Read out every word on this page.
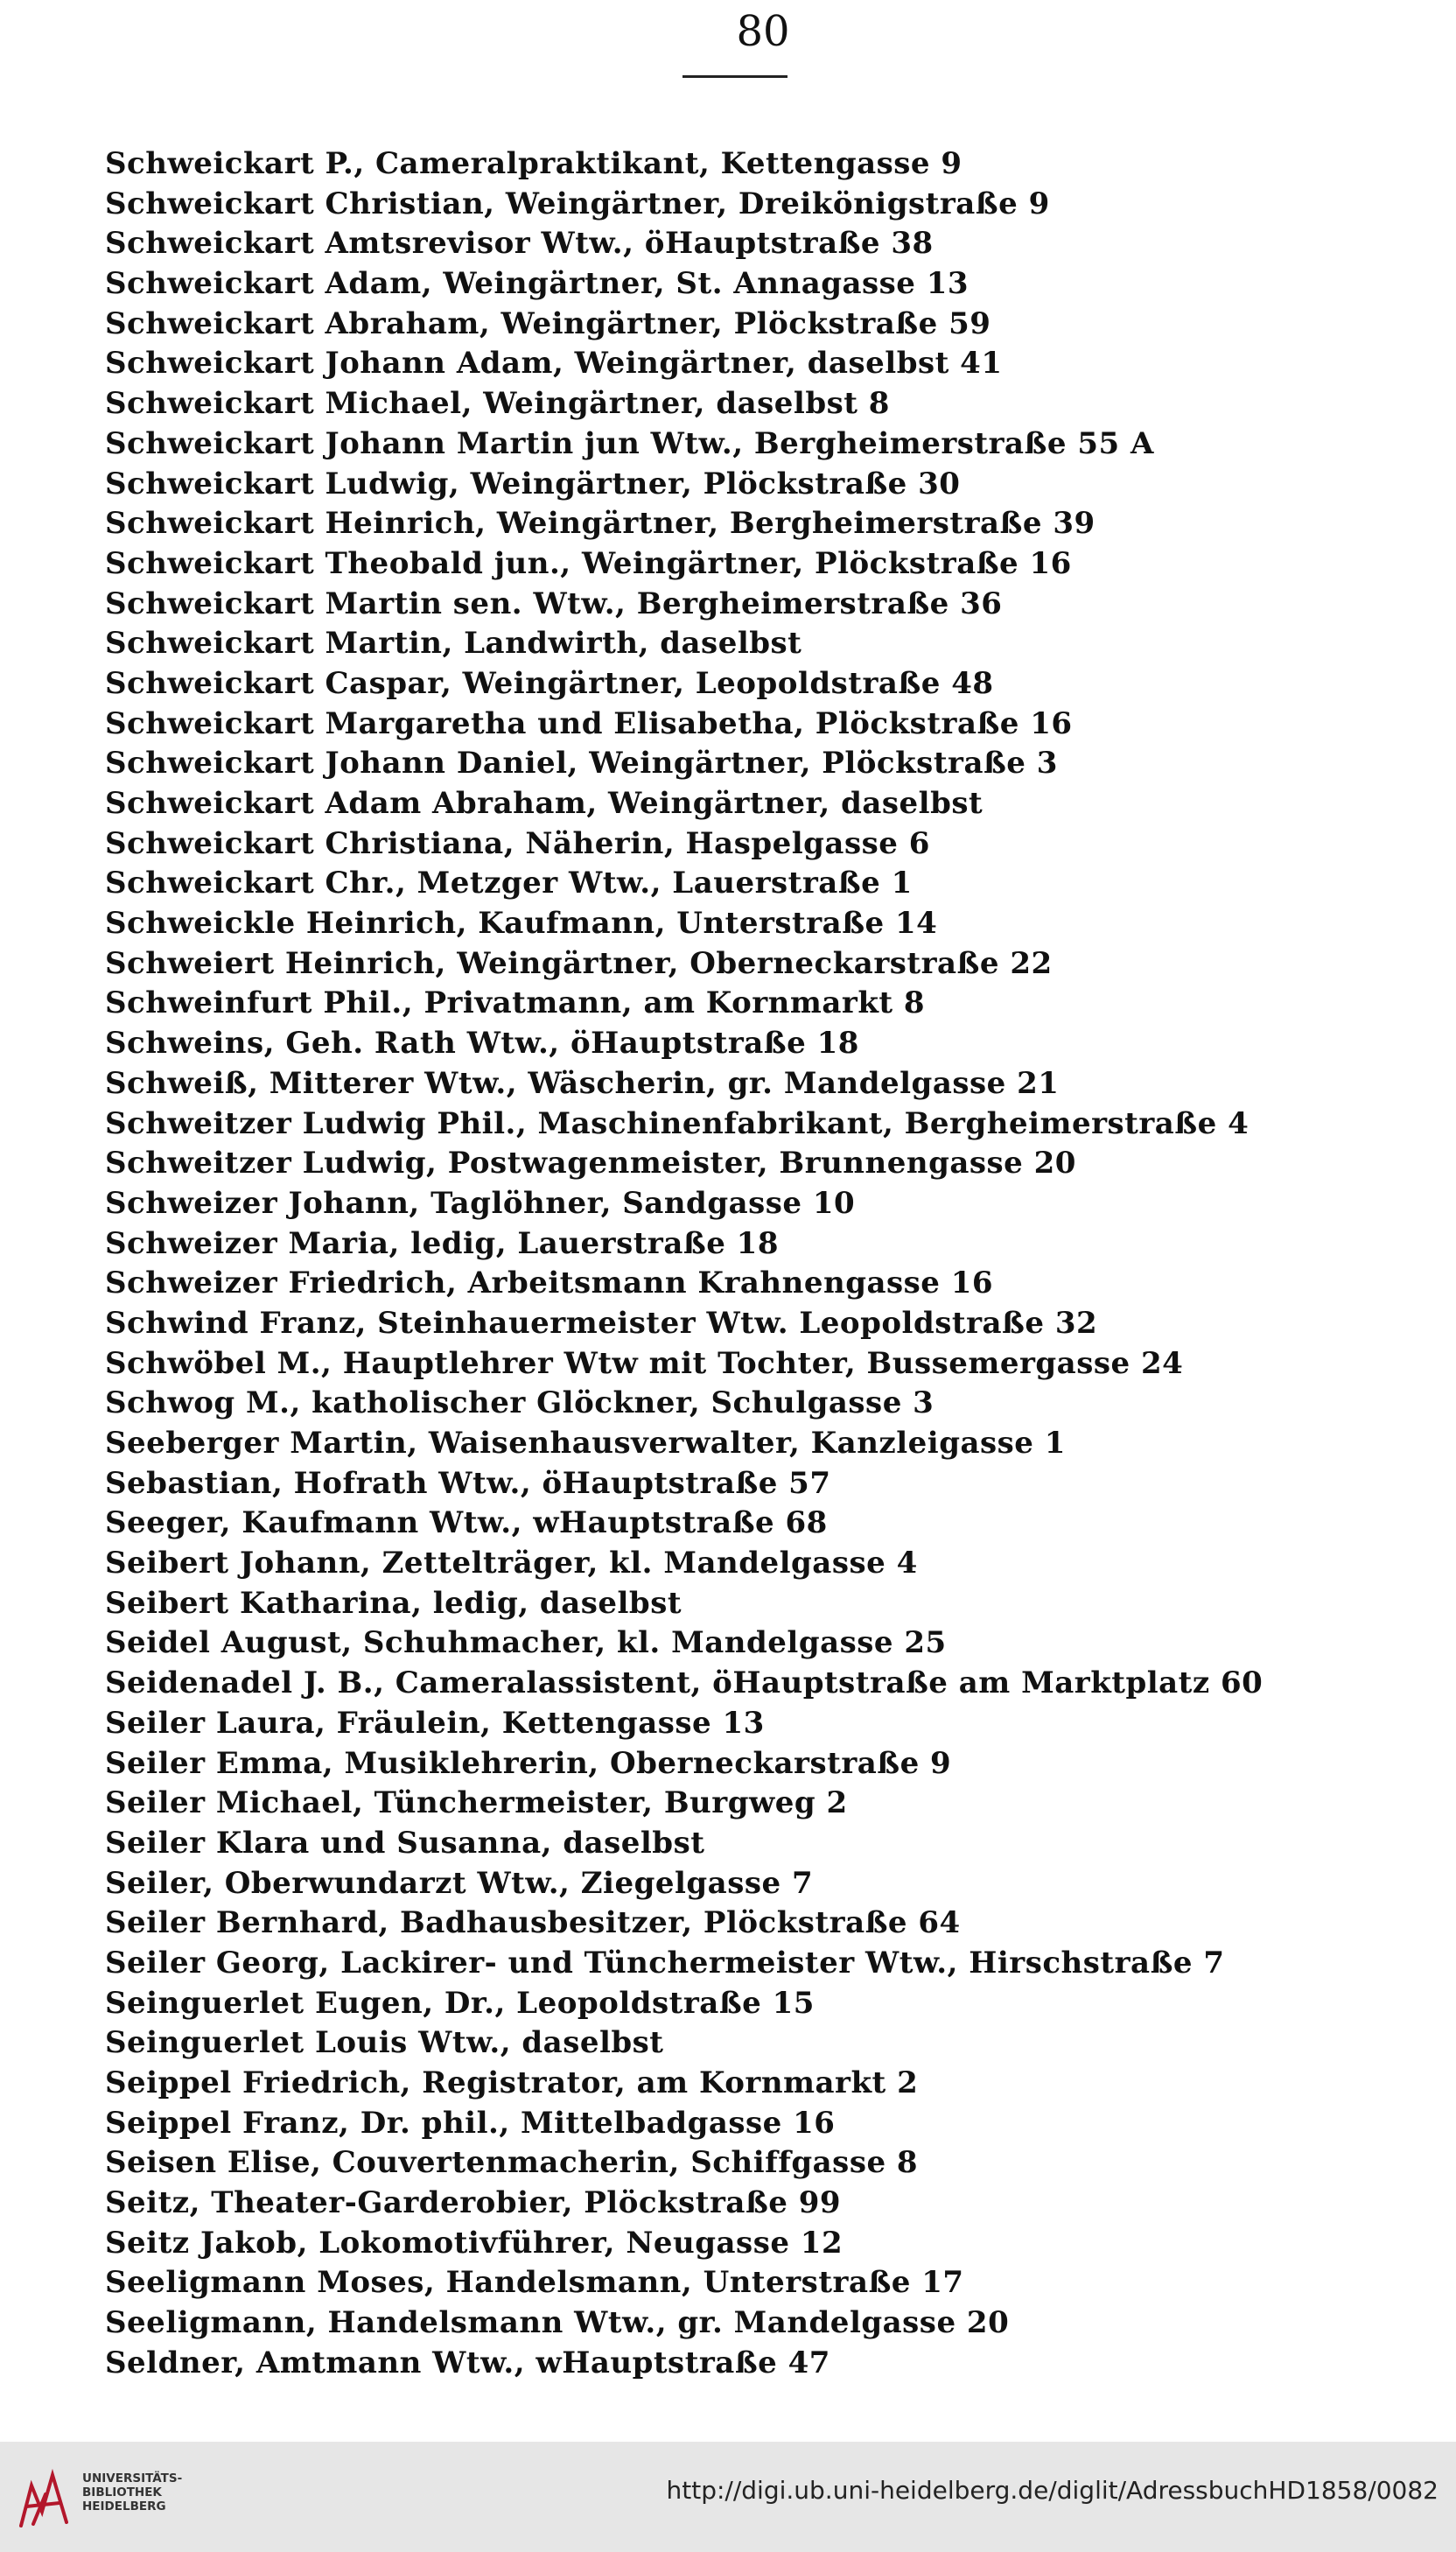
80
Schweickart P., Cameralpraktikant, Kettengasse 9
Schweickart Christian, Weingärtner, Dreikönigstraße 9
Schweickart Amtsrevisor Wtw., öHauptstraße 38
Schweickart Adam, Weingärtner, St. Annagasse 13
Schweickart Abraham, Weingärtner, Plöckstraße 59
Schweickart Johann Adam, Weingärtner, daselbst 41
Schweickart Michael, Weingärtner, daselbst 8
Schweickart Johann Martin jun Wtw., Bergheimerstraße 55 A
Schweickart Ludwig, Weingärtner, Plöckstraße 30
Schweickart Heinrich, Weingärtner, Bergheimerstraße 39
Schweickart Theobald jun., Weingärtner, Plöckstraße 16
Schweickart Martin sen. Wtw., Bergheimerstraße 36
Schweickart Martin, Landwirth, daselbst
Schweickart Caspar, Weingärtner, Leopoldstraße 48
Schweickart Margaretha und Elisabetha, Plöckstraße 16
Schweickart Johann Daniel, Weingärtner, Plöckstraße 3
Schweickart Adam Abraham, Weingärtner, daselbst
Schweickart Christiana, Näherin, Haspelgasse 6
Schweickart Chr., Metzger Wtw., Lauerstraße 1
Schweickle Heinrich, Kaufmann, Unterstraße 14
Schweiert Heinrich, Weingärtner, Oberneckarstraße 22
Schweinfurt Phil., Privatmann, am Kornmarkt 8
Schweins, Geh. Rath Wtw., öHauptstraße 18
Schweiß, Mitterer Wtw., Wäscherin, gr. Mandelgasse 21
Schweitzer Ludwig Phil., Maschinenfabrikant, Bergheimerstraße 4
Schweitzer Ludwig, Postwagenmeister, Brunnengasse 20
Schweizer Johann, Taglöhner, Sandgasse 10
Schweizer Maria, ledig, Lauerstraße 18
Schweizer Friedrich, Arbeitsmann Krahnengasse 16
Schwind Franz, Steinhauermeister Wtw. Leopoldstraße 32
Schwöbel M., Hauptlehrer Wtw mit Tochter, Bussemergasse 24
Schwog M., katholischer Glöckner, Schulgasse 3
Seeberger Martin, Waisenhausverwalter, Kanzleigasse 1
Sebastian, Hofrath Wtw., öHauptstraße 57
Seeger, Kaufmann Wtw., wHauptstraße 68
Seibert Johann, Zettelträger, kl. Mandelgasse 4
Seibert Katharina, ledig, daselbst
Seidel August, Schuhmacher, kl. Mandelgasse 25
Seidenadel J. B., Cameralassistent, öHauptstraße am Marktplatz 60
Seiler Laura, Fräulein, Kettengasse 13
Seiler Emma, Musiklehrerin, Oberneckarstraße 9
Seiler Michael, Tünchermeister, Burgweg 2
Seiler Klara und Susanna, daselbst
Seiler, Oberwundarzt Wtw., Ziegelgasse 7
Seiler Bernhard, Badhausbesitzer, Plöckstraße 64
Seiler Georg, Lackirer- und Tünchermeister Wtw., Hirschstraße 7
Seinguerlet Eugen, Dr., Leopoldstraße 15
Seinguerlet Louis Wtw., daselbst
Seippel Friedrich, Registrator, am Kornmarkt 2
Seippel Franz, Dr. phil., Mittelbadgasse 16
Seisen Elise, Couvertenmacherin, Schiffgasse 8
Seitz, Theater-Garderobier, Plöckstraße 99
Seitz Jakob, Lokomotivführer, Neugasse 12
Seeligmann Moses, Handelsmann, Unterstraße 17
Seeligmann, Handelsmann Wtw., gr. Mandelgasse 20
Seldner, Amtmann Wtw., wHauptstraße 47
UNIVERSITÄTS-
BIBLIOTHEK
HEIDELBERG
http://digi.ub.uni-heidelberg.de/diglit/AdressbuchHD1858/0082
